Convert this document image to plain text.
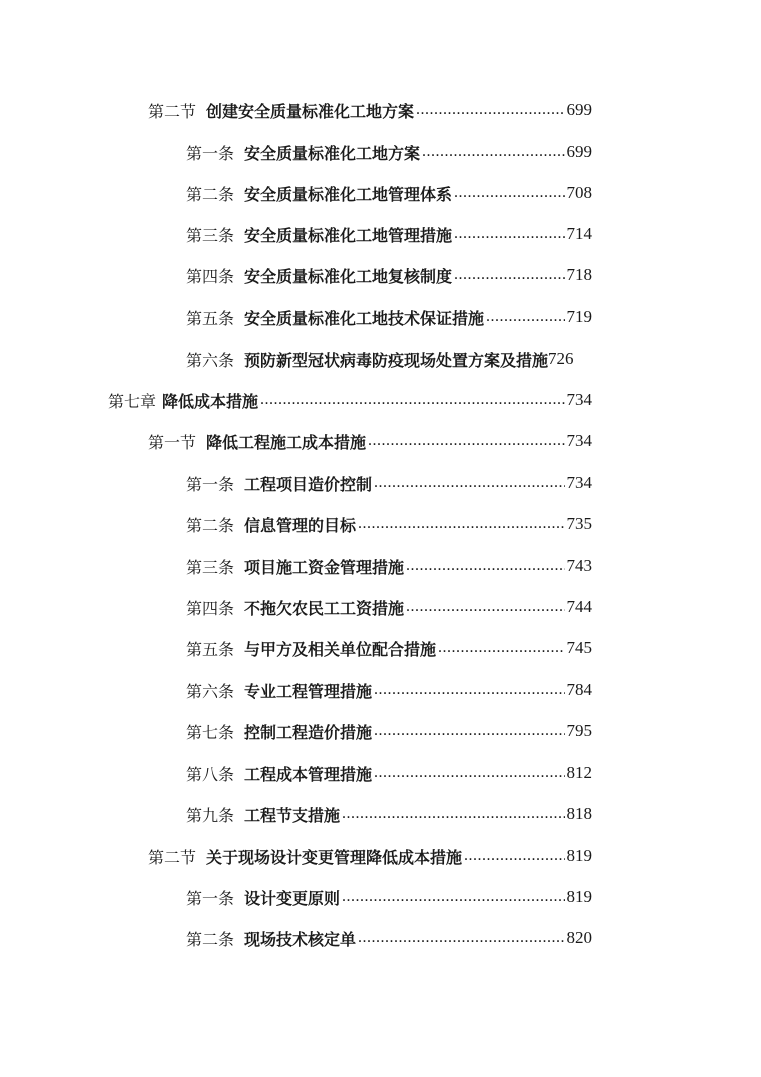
第二节 创建安全质量标准化工地方案 .....	699
第一条 安全质量标准化工地方案 .....	699
第二条 安全质量标准化工地管理体系 .....	708
第三条 安全质量标准化工地管理措施 .....	714
第四条 安全质量标准化工地复核制度 .....	718
第五条 安全质量标准化工地技术保证措施 .....	719
第六条 预防新型冠状病毒防疫现场处置方案及措施 726
第七章 降低成本措施 .....	734
第一节 降低工程施工成本措施 .....	734
第一条 工程项目造价控制 .....	734
第二条 信息管理的目标 .....	735
第三条 项目施工资金管理措施 .....	743
第四条 不拖欠农民工工资措施 .....	744
第五条 与甲方及相关单位配合措施 .....	745
第六条 专业工程管理措施 .....	784
第七条 控制工程造价措施 .....	795
第八条 工程成本管理措施 .....	812
第九条 工程节支措施 .....	818
第二节 关于现场设计变更管理降低成本措施 .....	819
第一条 设计变更原则 .....	819
第二条 现场技术核定单 .....	820
